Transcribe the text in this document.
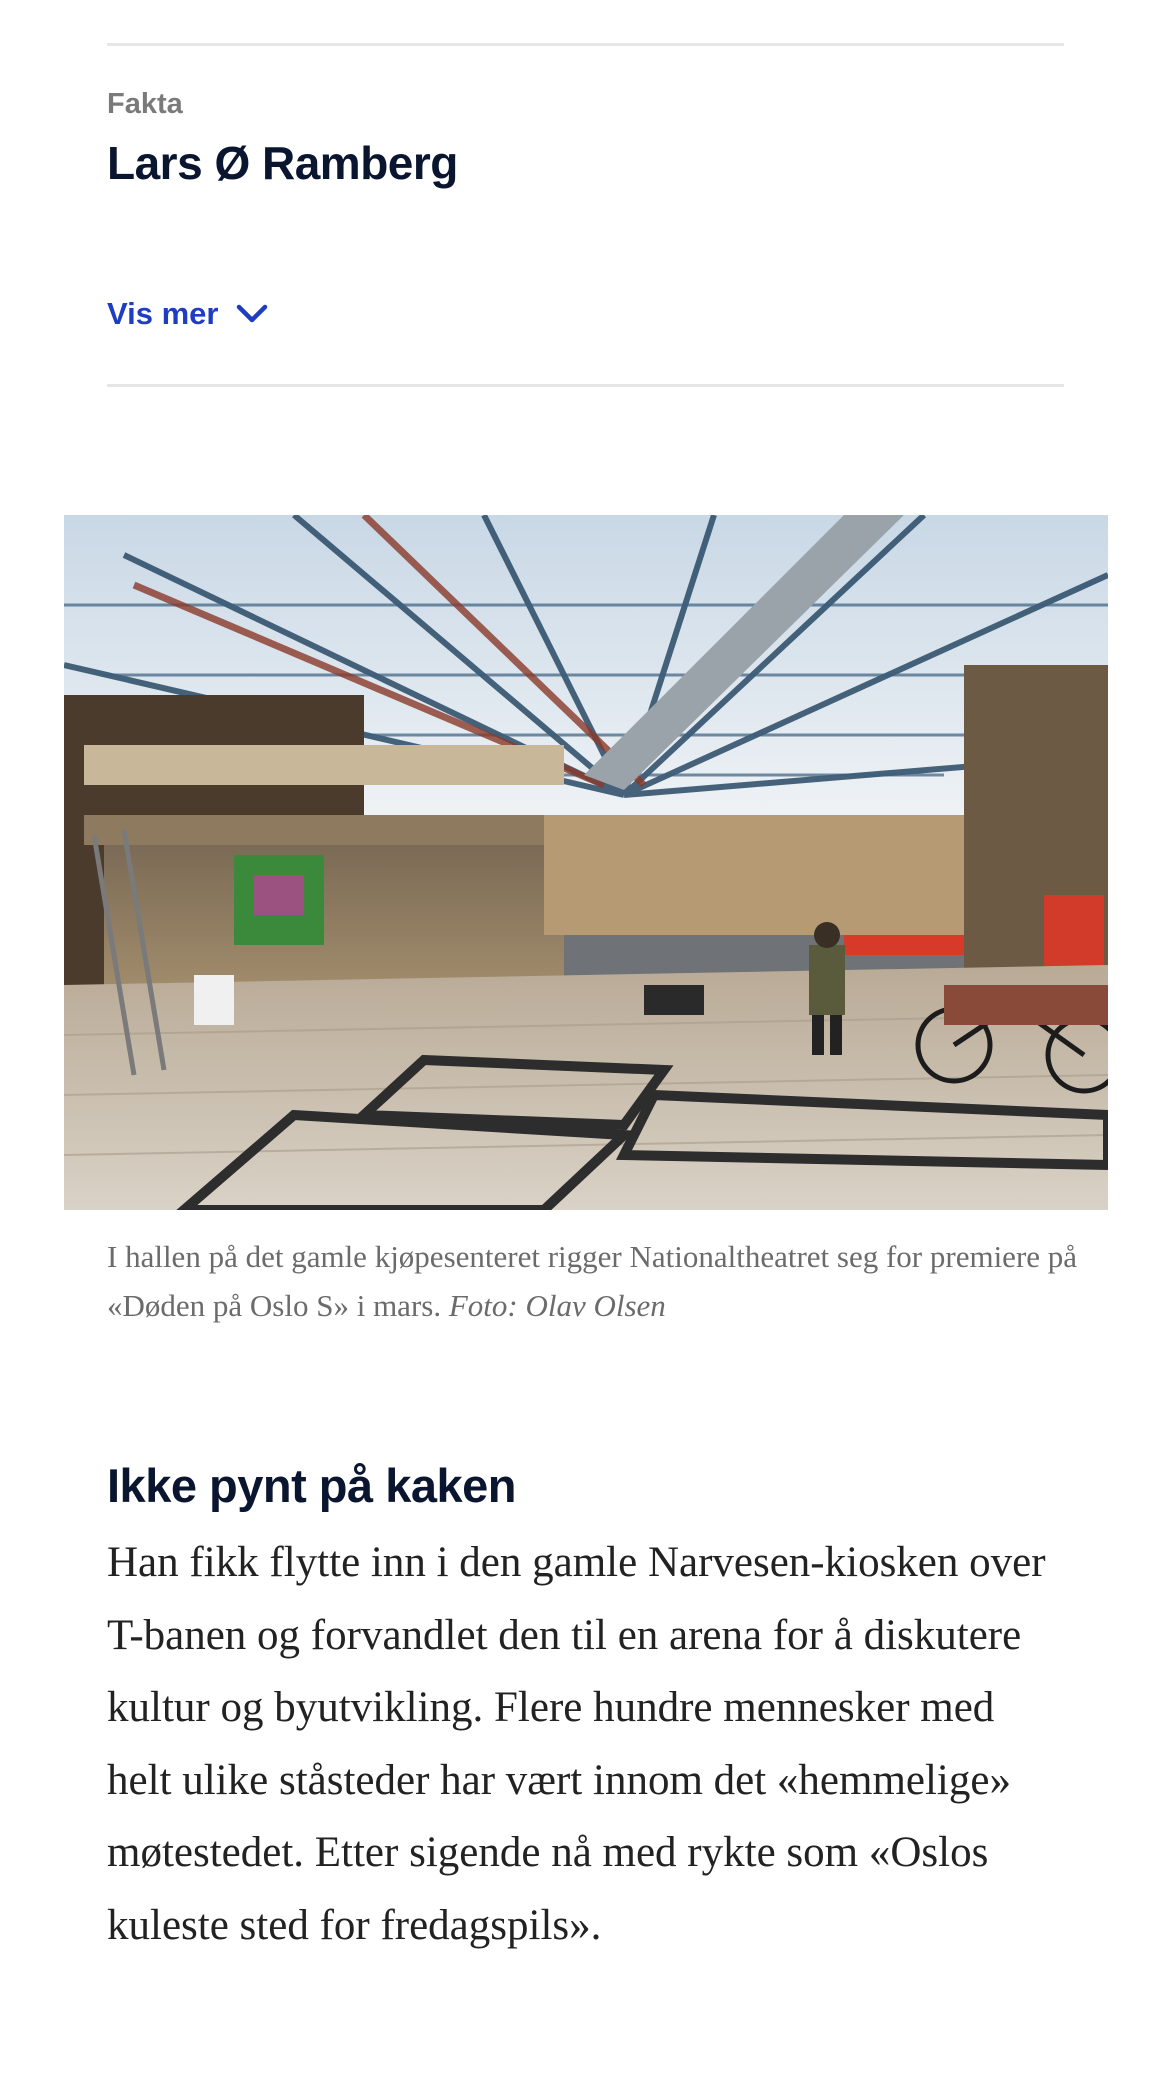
Fakta
Lars Ø Ramberg
Vis mer
I hallen på det gamle kjøpesenteret rigger Nationaltheatret seg for premiere på «Døden på Oslo S» i mars. Foto: Olav Olsen
Ikke pynt på kaken
Han fikk flytte inn i den gamle Narvesen-kiosken over T-banen og forvandlet den til en arena for å diskutere kultur og byutvikling. Flere hundre mennesker med helt ulike ståsteder har vært innom det «hemmelige» møtestedet. Etter sigende nå med rykte som «Oslos kuleste sted for fredagspils».
